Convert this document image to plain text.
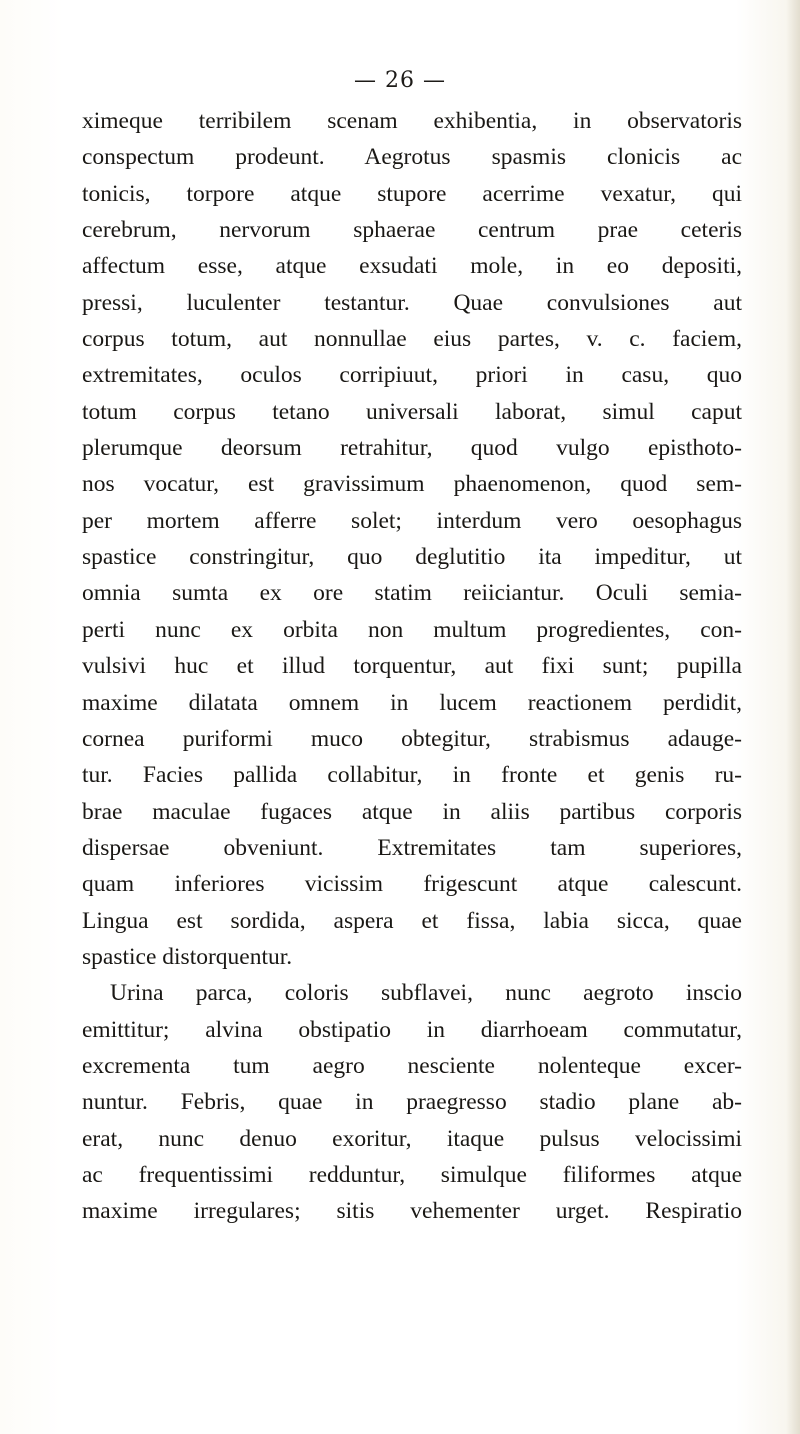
— 26 —
ximeque terribilem scenam exhibentia, in observatoris
conspectum prodeunt. Aegrotus spasmis clonicis ac
tonicis, torpore atque stupore acerrime vexatur, qui
cerebrum, nervorum sphaerae centrum prae ceteris
affectum esse, atque exsudati mole, in eo depositi,
pressi, luculenter testantur. Quae convulsiones aut
corpus totum, aut nonnullae eius partes, v. c. faciem,
extremitates, oculos corripiuut, priori in casu, quo
totum corpus tetano universali laborat, simul caput
plerumque deorsum retrahitur, quod vulgo episthoto-
nos vocatur, est gravissimum phaenomenon, quod sem-
per mortem afferre solet; interdum vero oesophagus
spastice constringitur, quo deglutitio ita impeditur, ut
omnia sumta ex ore statim reiiciantur. Oculi semia-
perti nunc ex orbita non multum progredientes, con-
vulsivi huc et illud torquentur, aut fixi sunt; pupilla
maxime dilatata omnem in lucem reactionem perdidit,
cornea puriformi muco obtegitur, strabismus adauge-
tur. Facies pallida collabitur, in fronte et genis ru-
brae maculae fugaces atque in aliis partibus corporis
dispersae obveniunt. Extremitates tam superiores,
quam inferiores vicissim frigescunt atque calescunt.
Lingua est sordida, aspera et fissa, labia sicca, quae
spastice distorquentur.
Urina parca, coloris subflavei, nunc aegroto inscio
emittitur; alvina obstipatio in diarrhoeam commutatur,
excrementa tum aegro nesciente nolenteque excer-
nuntur. Febris, quae in praegresso stadio plane ab-
erat, nunc denuo exoritur, itaque pulsus velocissimi
ac frequentissimi redduntur, simulque filiformes atque
maxime irregulares; sitis vehementer urget. Respiratio
